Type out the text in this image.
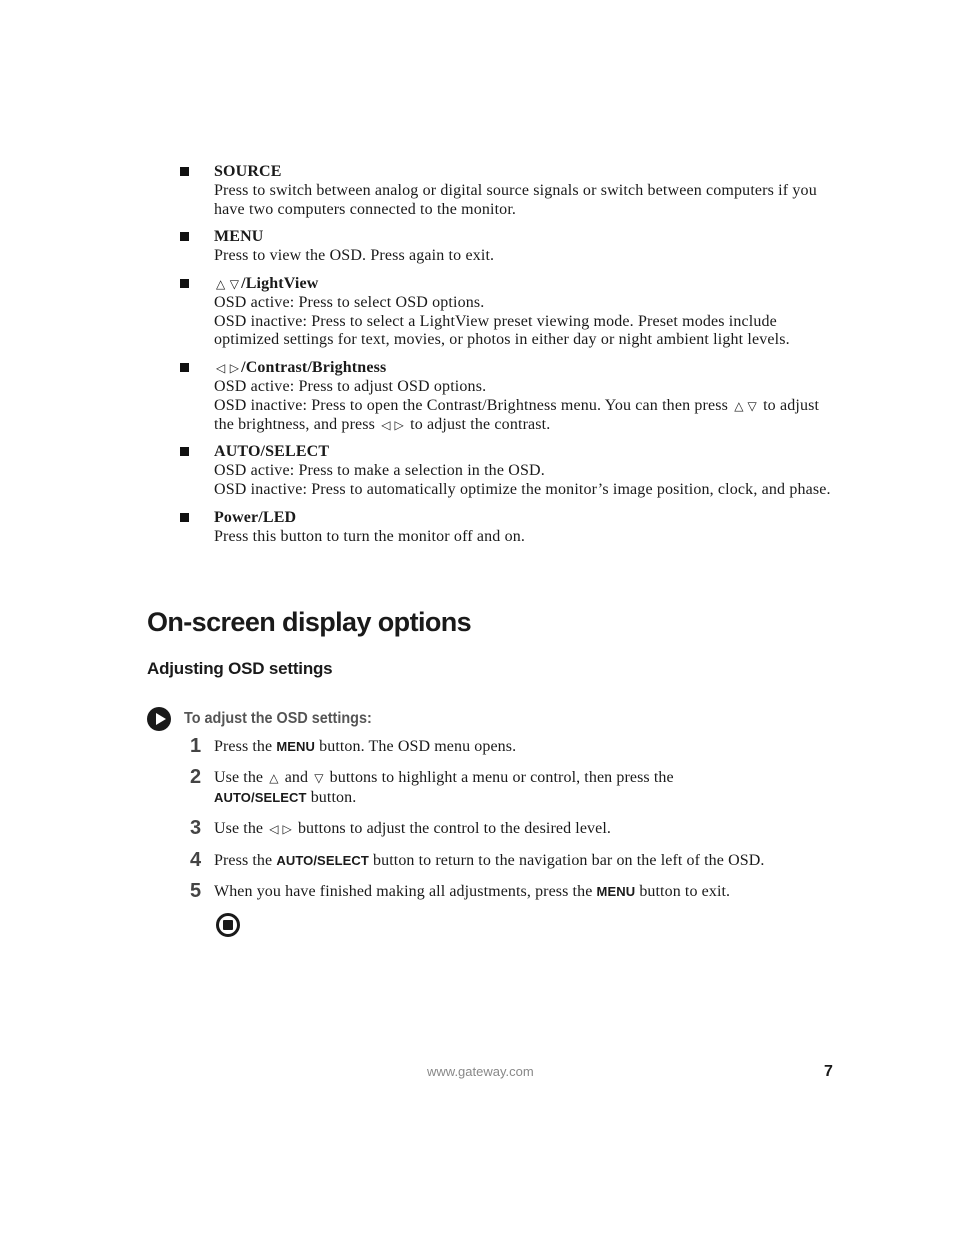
SOURCE
Press to switch between analog or digital source signals or switch between computers if you have two computers connected to the monitor.
MENU
Press to view the OSD. Press again to exit.
△ ▽ /LightView
OSD active: Press to select OSD options.
OSD inactive: Press to select a LightView preset viewing mode. Preset modes include optimized settings for text, movies, or photos in either day or night ambient light levels.
◁ ▷ /Contrast/Brightness
OSD active: Press to adjust OSD options.
OSD inactive: Press to open the Contrast/Brightness menu. You can then press △ ▽ to adjust the brightness, and press ◁ ▷ to adjust the contrast.
AUTO/SELECT
OSD active: Press to make a selection in the OSD.
OSD inactive: Press to automatically optimize the monitor’s image position, clock, and phase.
Power/LED
Press this button to turn the monitor off and on.
On-screen display options
Adjusting OSD settings
To adjust the OSD settings:
1 Press the MENU button. The OSD menu opens.
2 Use the △ and ▽ buttons to highlight a menu or control, then press the
AUTO/SELECT button.
3 Use the ◁ ▷ buttons to adjust the control to the desired level.
4 Press the AUTO/SELECT button to return to the navigation bar on the left of the OSD.
5 When you have finished making all adjustments, press the MENU button to exit.
www.gateway.com	7
